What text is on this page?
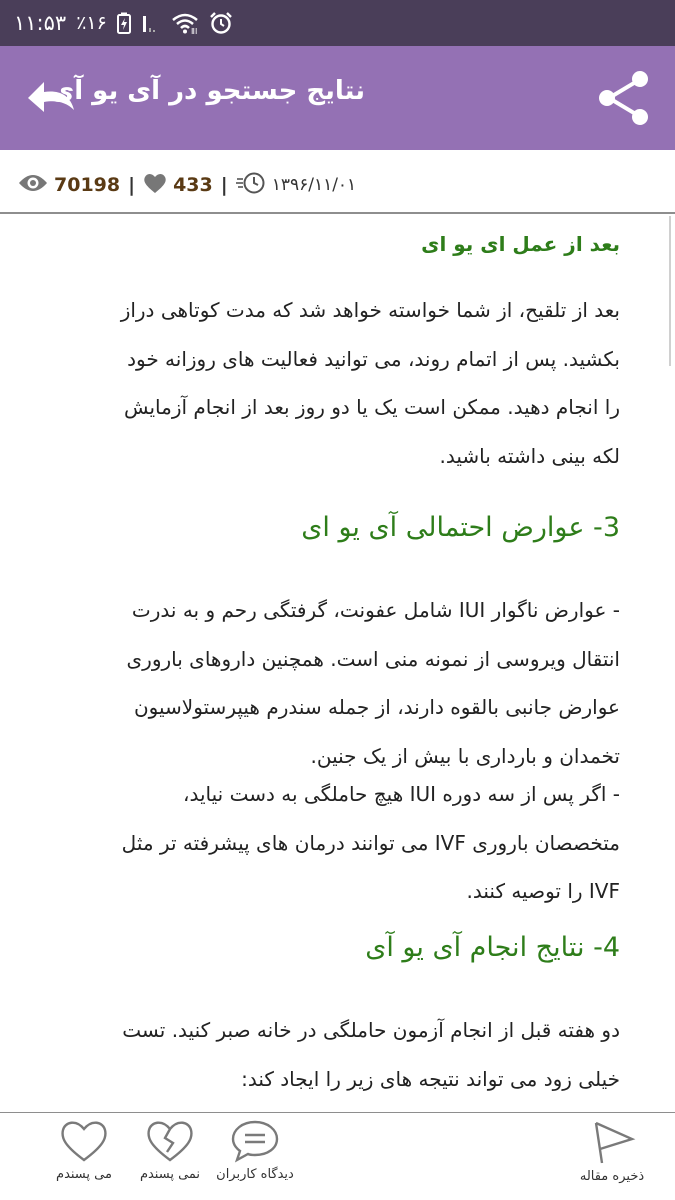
۱۱:۵۳ ٪۱۶	ⅡⅠ
نتایج جستجو در آی یو آی
70198 | 433 |	۱۳۹۶/۱۱/۰۱
بعد از عمل ای یو ای
بعد از تلقیح، از شما خواسته خواهد شد که مدت کوتاهی دراز
بکشید. پس از اتمام روند، می توانید فعالیت های روزانه خود
را انجام دهید. ممکن است یک یا دو روز بعد از انجام آزمایش
لکه بینی داشته باشید.
3- عوارض احتمالی آی یو ای
- عوارض ناگوار IUI شامل عفونت، گرفتگی رحم و به ندرت
انتقال ویروسی از نمونه منی است. همچنین داروهای باروری
عوارض جانبی بالقوه دارند، از جمله سندرم هیپرستولاسیون
تخمدان و بارداری با بیش از یک جنین.
- اگر پس از سه دوره IUI هیچ حاملگی به دست نیاید،
متخصصان باروری IVF می توانند درمان های پیشرفته تر مثل
IVF را توصیه کنند.
4- نتایج انجام آی یو آی
دو هفته قبل از انجام آزمون حاملگی در خانه صبر کنید. تست
خیلی زود می تواند نتیجه های زیر را ایجاد کند:
می پسندم	نمی پسندم	دیدگاه کاربران	ذخیره مقاله
